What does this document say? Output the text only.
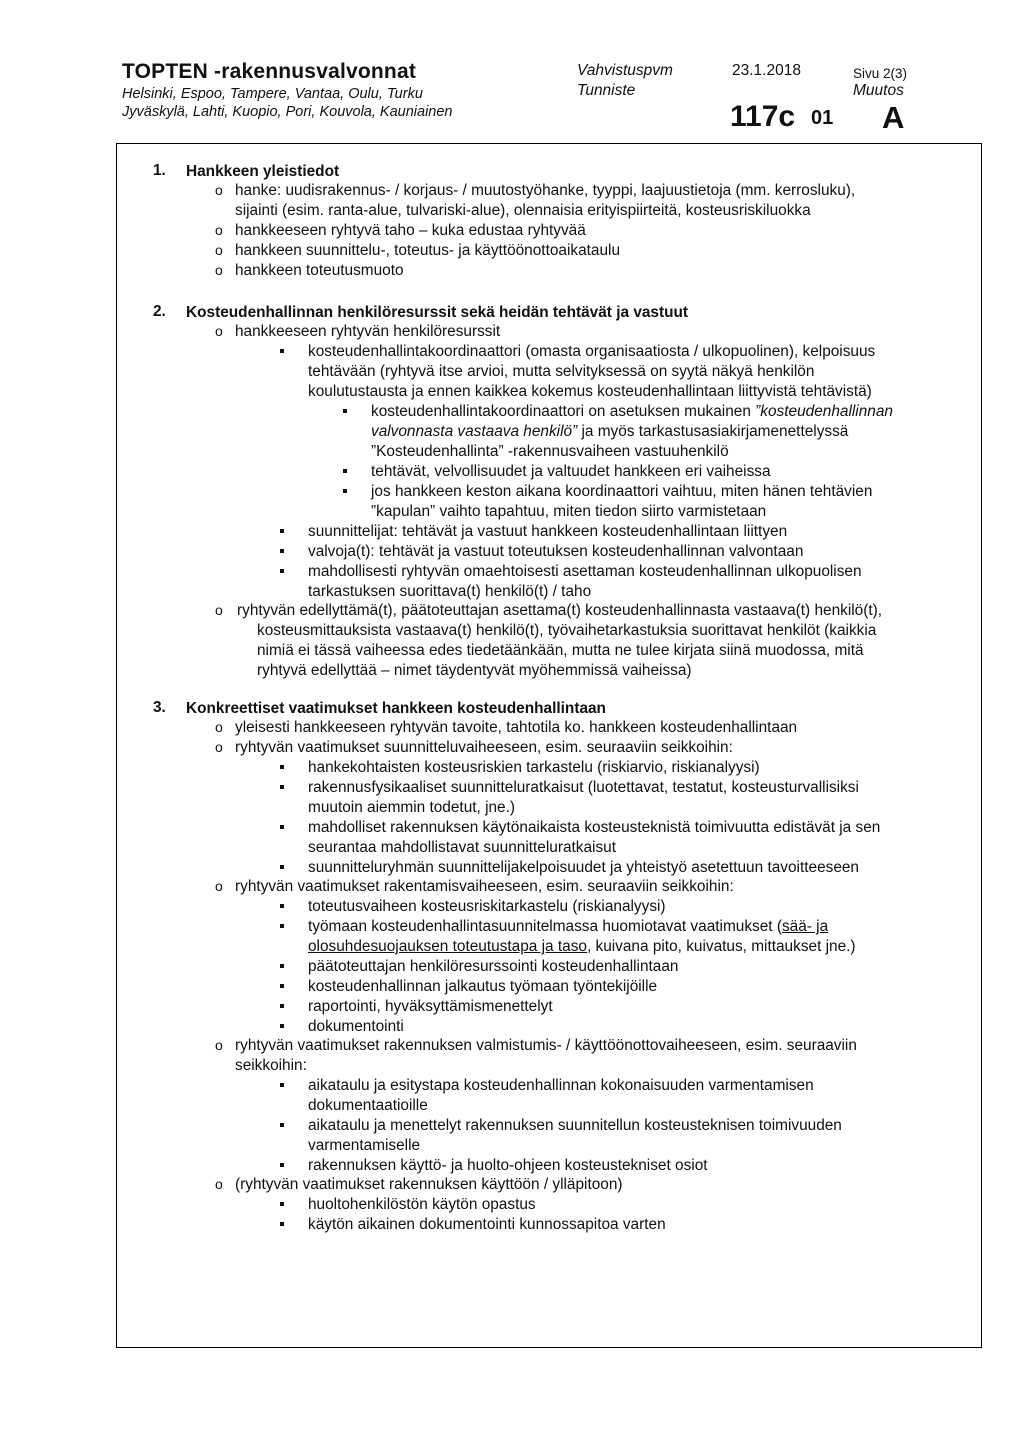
TOPTEN -rakennusvalvonnat
Helsinki, Espoo, Tampere, Vantaa, Oulu, Turku
Jyväskylä, Lahti, Kuopio, Pori, Kouvola, Kauniainen
Vahvistuspvm	23.1.2018	Sivu 2(3)
Tunniste	Muutos
117c 01 A
1. Hankkeen yleistiedot
o hanke: uudisrakennus- / korjaus- / muutostyöhanke, tyyppi, laajuustietoja (mm. kerrosluku),
sijainti (esim. ranta-alue, tulvariski-alue), olennaisia erityispiirteitä, kosteusriskiluokka
o hankkeeseen ryhtyvä taho – kuka edustaa ryhtyvää
o hankkeen suunnittelu-, toteutus- ja käyttöönottoaikataulu
o hankkeen toteutusmuoto
2. Kosteudenhallinnan henkilöresurssit sekä heidän tehtävät ja vastuut
o hankkeeseen ryhtyvän henkilöresurssit
kosteudenhallintakoordinaattori (omasta organisaatiosta / ulkopuolinen), kelpoisuus
tehtävään (ryhtyvä itse arvioi, mutta selvityksessä on syytä näkyä henkilön
koulutustausta ja ennen kaikkea kokemus kosteudenhallintaan liittyvistä tehtävistä)
kosteudenhallintakoordinaattori on asetuksen mukainen ”kosteudenhallinnan
valvonnasta vastaava henkilö” ja myös tarkastusasiakirjamenettelyssä
”Kosteudenhallinta” -rakennusvaiheen vastuuhenkilö
tehtävät, velvollisuudet ja valtuudet hankkeen eri vaiheissa
jos hankkeen keston aikana koordinaattori vaihtuu, miten hänen tehtävien
”kapulan” vaihto tapahtuu, miten tiedon siirto varmistetaan
suunnittelijat: tehtävät ja vastuut hankkeen kosteudenhallintaan liittyen
valvoja(t): tehtävät ja vastuut toteutuksen kosteudenhallinnan valvontaan
mahdollisesti ryhtyvän omaehtoisesti asettaman kosteudenhallinnan ulkopuolisen
tarkastuksen suorittava(t) henkilö(t) / taho
o ryhtyvän edellyttämä(t), päätoteuttajan asettama(t) kosteudenhallinnasta vastaava(t) henkilö(t),
kosteusmittauksista vastaava(t) henkilö(t), työvaihetarkastuksia suorittavat henkilöt (kaikkia
nimiä ei tässä vaiheessa edes tiedetäänkään, mutta ne tulee kirjata siinä muodossa, mitä
ryhtyvä edellyttää – nimet täydentyvät myöhemmissä vaiheissa)
3. Konkreettiset vaatimukset hankkeen kosteudenhallintaan
o yleisesti hankkeeseen ryhtyvän tavoite, tahtotila ko. hankkeen kosteudenhallintaan
o ryhtyvän vaatimukset suunnitteluvaiheeseen, esim. seuraaviin seikkoihin:
hankekohtaisten kosteusriskien tarkastelu (riskiarvio, riskianalyysi)
rakennusfysikaaliset suunnitteluratkaisut (luotettavat, testatut, kosteusturvallisiksi
muutoin aiemmin todetut, jne.)
mahdolliset rakennuksen käytönaikaista kosteusteknistä toimivuutta edistävät ja sen
seurantaa mahdollistavat suunnitteluratkaisut
suunnitteluryhmän suunnittelijakelpoisuudet ja yhteistyö asetettuun tavoitteeseen
o ryhtyvän vaatimukset rakentamisvaiheeseen, esim. seuraaviin seikkoihin:
toteutusvaiheen kosteusriskitarkastelu (riskianalyysi)
työmaan kosteudenhallintasuunnitelmassa huomiotavat vaatimukset (sää- ja
olosuhdesuojauksen toteutustapa ja taso, kuivana pito, kuivatus, mittaukset jne.)
päätoteuttajan henkilöresurssointi kosteudenhallintaan
kosteudenhallinnan jalkautus työmaan työntekijöille
raportointi, hyväksyttämismenettelyt
dokumentointi
o ryhtyvän vaatimukset rakennuksen valmistumis- / käyttöönottovaiheeseen, esim. seuraaviin
seikkoihin:
aikataulu ja esitystapa kosteudenhallinnan kokonaisuuden varmentamisen
dokumentaatioille
aikataulu ja menettelyt rakennuksen suunnitellun kosteusteknisen toimivuuden
varmentamiselle
rakennuksen käyttö- ja huolto-ohjeen kosteustekniset osiot
o (ryhtyvän vaatimukset rakennuksen käyttöön / ylläpitoon)
huoltohenkilöstön käytön opastus
käytön aikainen dokumentointi kunnossapitoa varten
